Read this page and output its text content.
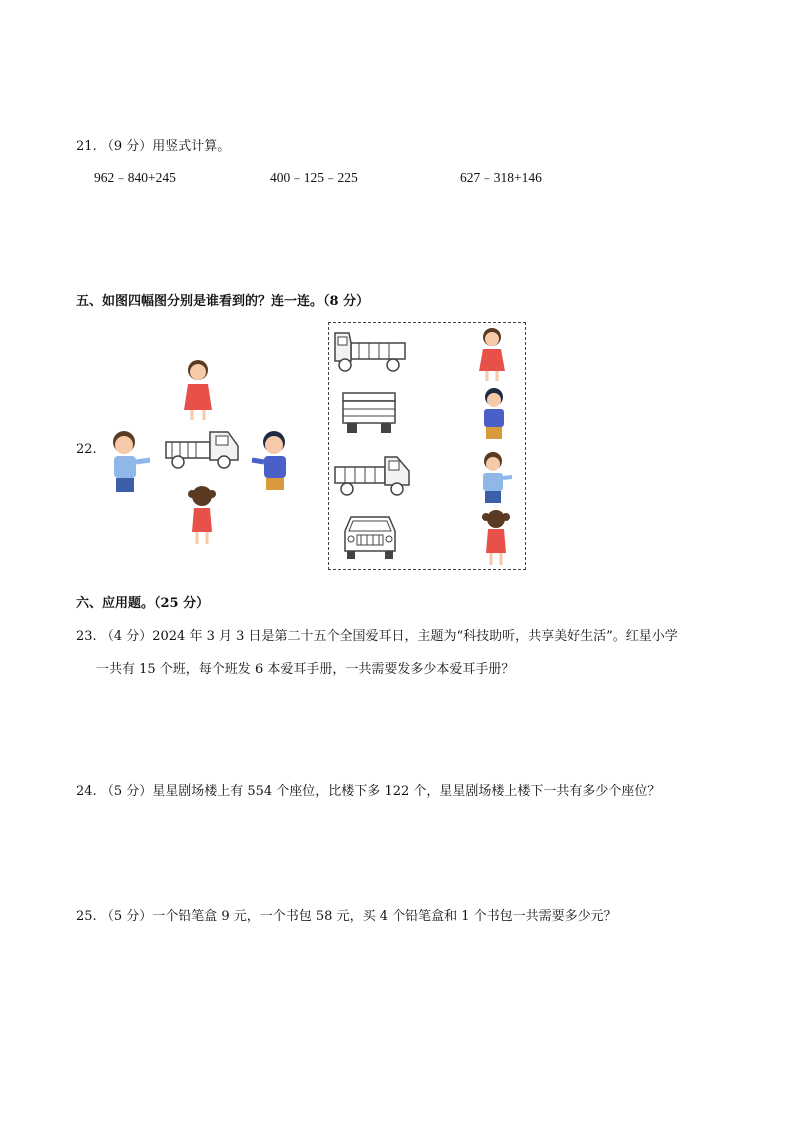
21. （9 分）用竖式计算。
962﹣840+245	400﹣125﹣225	627﹣318+146
五、如图四幅图分别是谁看到的？连一连。（8 分）
22.
六、应用题。（25 分）
23. （4 分）2024 年 3 月 3 日是第二十五个全国爱耳日，主题为“科技助听，共享美好生活”。红星小学
一共有 15 个班，每个班发 6 本爱耳手册，一共需要发多少本爱耳手册？
24. （5 分）星星剧场楼上有 554 个座位，比楼下多 122 个，星星剧场楼上楼下一共有多少个座位？
25. （5 分）一个铅笔盒 9 元，一个书包 58 元，买 4 个铅笔盒和 1 个书包一共需要多少元？
